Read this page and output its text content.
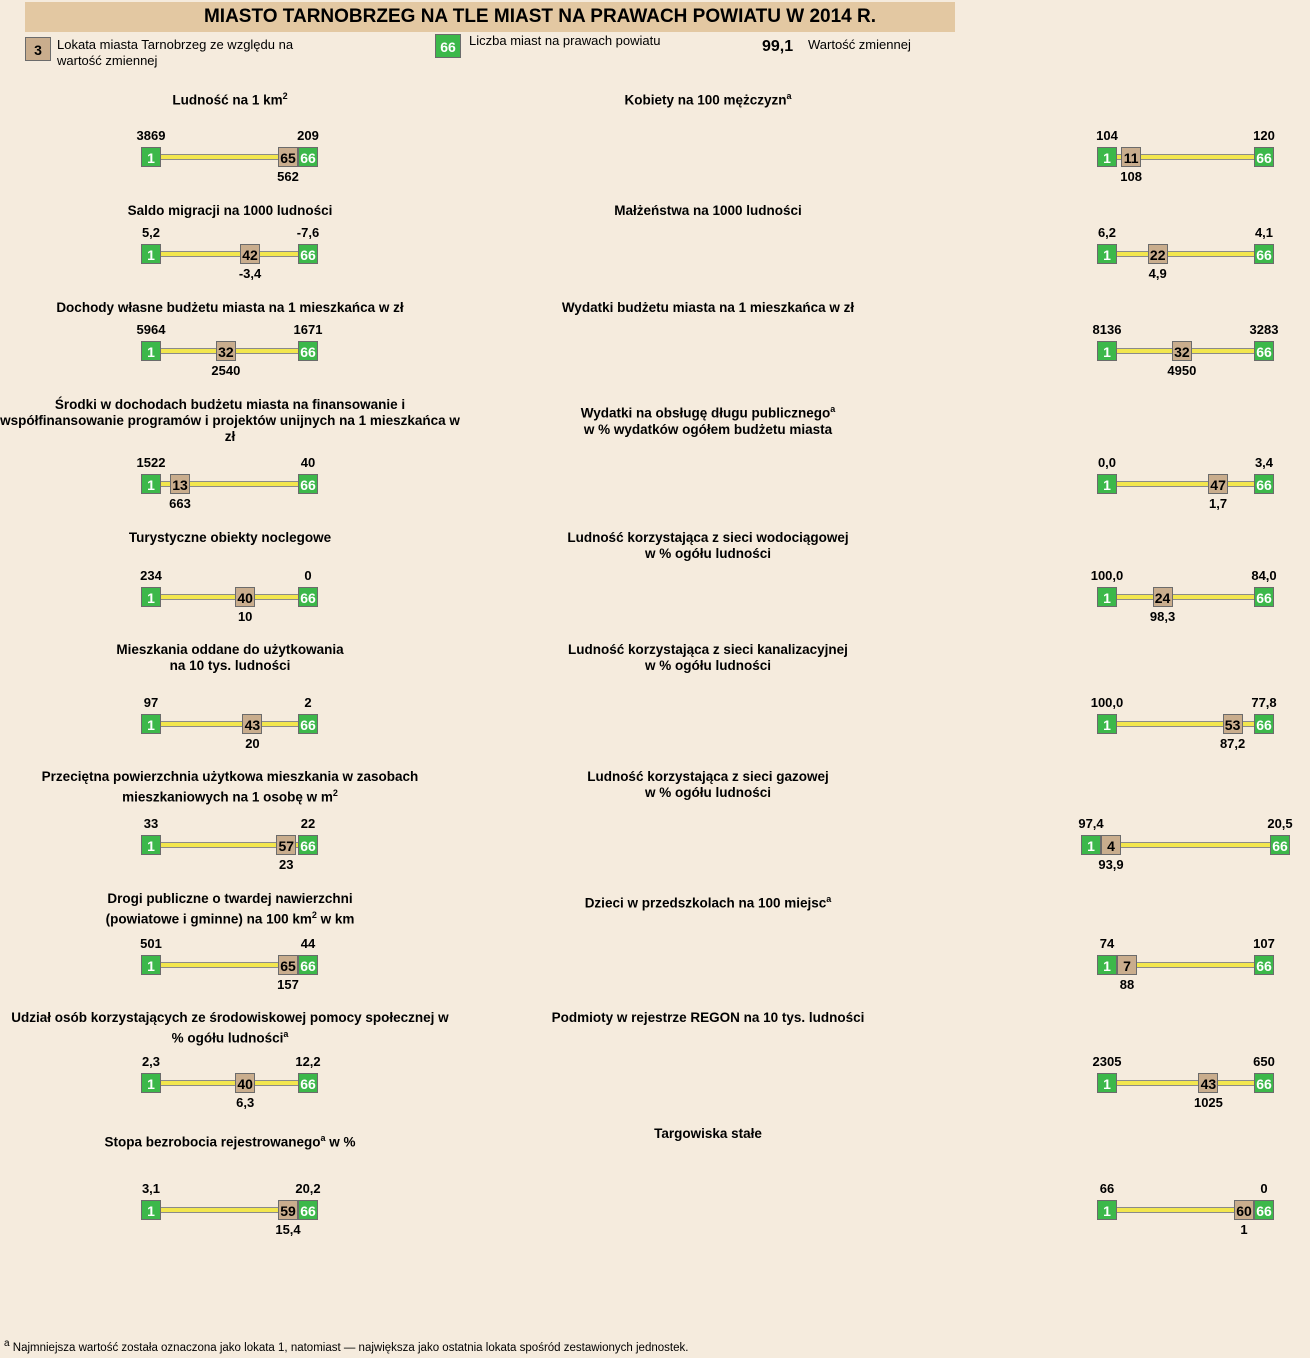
MIASTO TARNOBRZEG NA TLE MIAST NA PRAWACH POWIATU W 2014 R.
3	Lokata miasta Tarnobrzeg ze względu na wartość zmiennej
66	Liczba miast na prawach powiatu	99,1 Wartość zmiennej
Ludność na 1 $km^2$
3869	209
1	66
65
562
Kobiety na 100 mężczyzn$^a$
104	120
1	66
11
108
Saldo migracji na 1000 ludności
5,2	-7,6
1	66
42
-3,4
Małżeństwa na 1000 ludności
6,2	4,1
1	66
22
4,9
Dochody własne budżetu miasta na 1 mieszkańca w zł
5964	1671
1	66
32
2540
Wydatki budżetu miasta na 1 mieszkańca w zł
8136	3283
1	66
32
4950
Środki w dochodach budżetu miasta na finansowanie i współfinansowanie programów i projektów unijnych na 1 mieszkańca w zł
1522	40
1	66
13
663
Wydatki na obsługę długu publicznego$^a$
w % wydatków ogółem budżetu miasta
0,0	3,4
1	66
47
1,7
Turystyczne obiekty noclegowe
234	0
1	66
40
10
Ludność korzystająca z sieci wodociągowej
w % ogółu ludności
100,0	84,0
1	66
24
98,3
Mieszkania oddane do użytkowania
na 10 tys. ludności
97	2
1	66
43
20
Ludność korzystająca z sieci kanalizacyjnej
w % ogółu ludności
100,0	77,8
1	66
53
87,2
Przeciętna powierzchnia użytkowa mieszkania w zasobach
mieszkaniowych na 1 osobę w $m^2$
33	22
1	66
57
23
Ludność korzystająca z sieci gazowej
w % ogółu ludności
97,4	20,5
1	66
4
93,9
Drogi publiczne o twardej nawierzchni
(powiatowe i gminne) na 100 $km^2$ w km
501	44
1	66
65
157
Dzieci w przedszkolach na 100 miejsc$^a$
74	107
1	66
7
88
Udział osób korzystających ze środowiskowej pomocy społecznej w
% ogółu ludności$^a$
2,3	12,2
1	66
40
6,3
Podmioty w rejestrze REGON na 10 tys. ludności
2305	650
1	66
43
1025
Stopa bezrobocia rejestrowanego$^a$ w %
3,1	20,2
1	66
59
15,4
Targowiska stałe
66	0
1	66
60
1
$^a$ Najmniejsza wartość została oznaczona jako lokata 1, natomiast — największa jako ostatnia lokata spośród zestawionych jednostek.
